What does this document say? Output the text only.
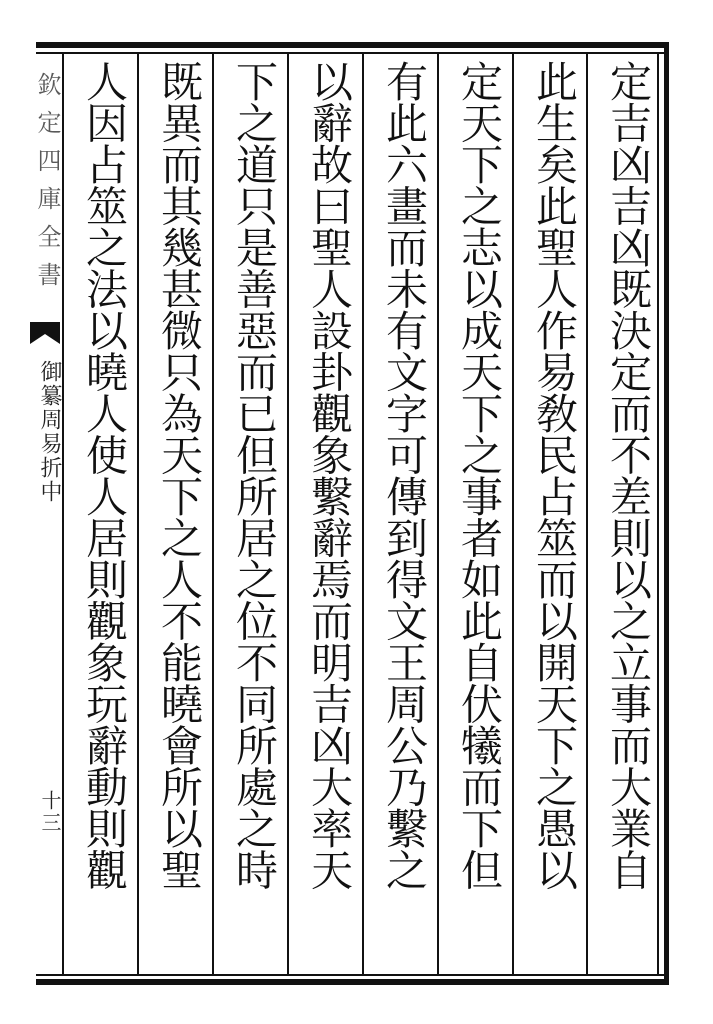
定吉凶吉凶既決定而不差則以之立事而大業自
此生矣此聖人作易敎民占筮而以開天下之愚以
定天下之志以成天下之事者如此自伏犧而下但
有此六畫而未有文字可傳到得文王周公乃繫之
以辭故曰聖人設卦觀象繫辭焉而明吉凶大率天
下之道只是善惡而已但所居之位不同所處之時
既異而其幾甚微只為天下之人不能曉會所以聖
人因占筮之法以曉人使人居則觀象玩辭動則觀
欽定四庫全書
御纂周易折中
十三
